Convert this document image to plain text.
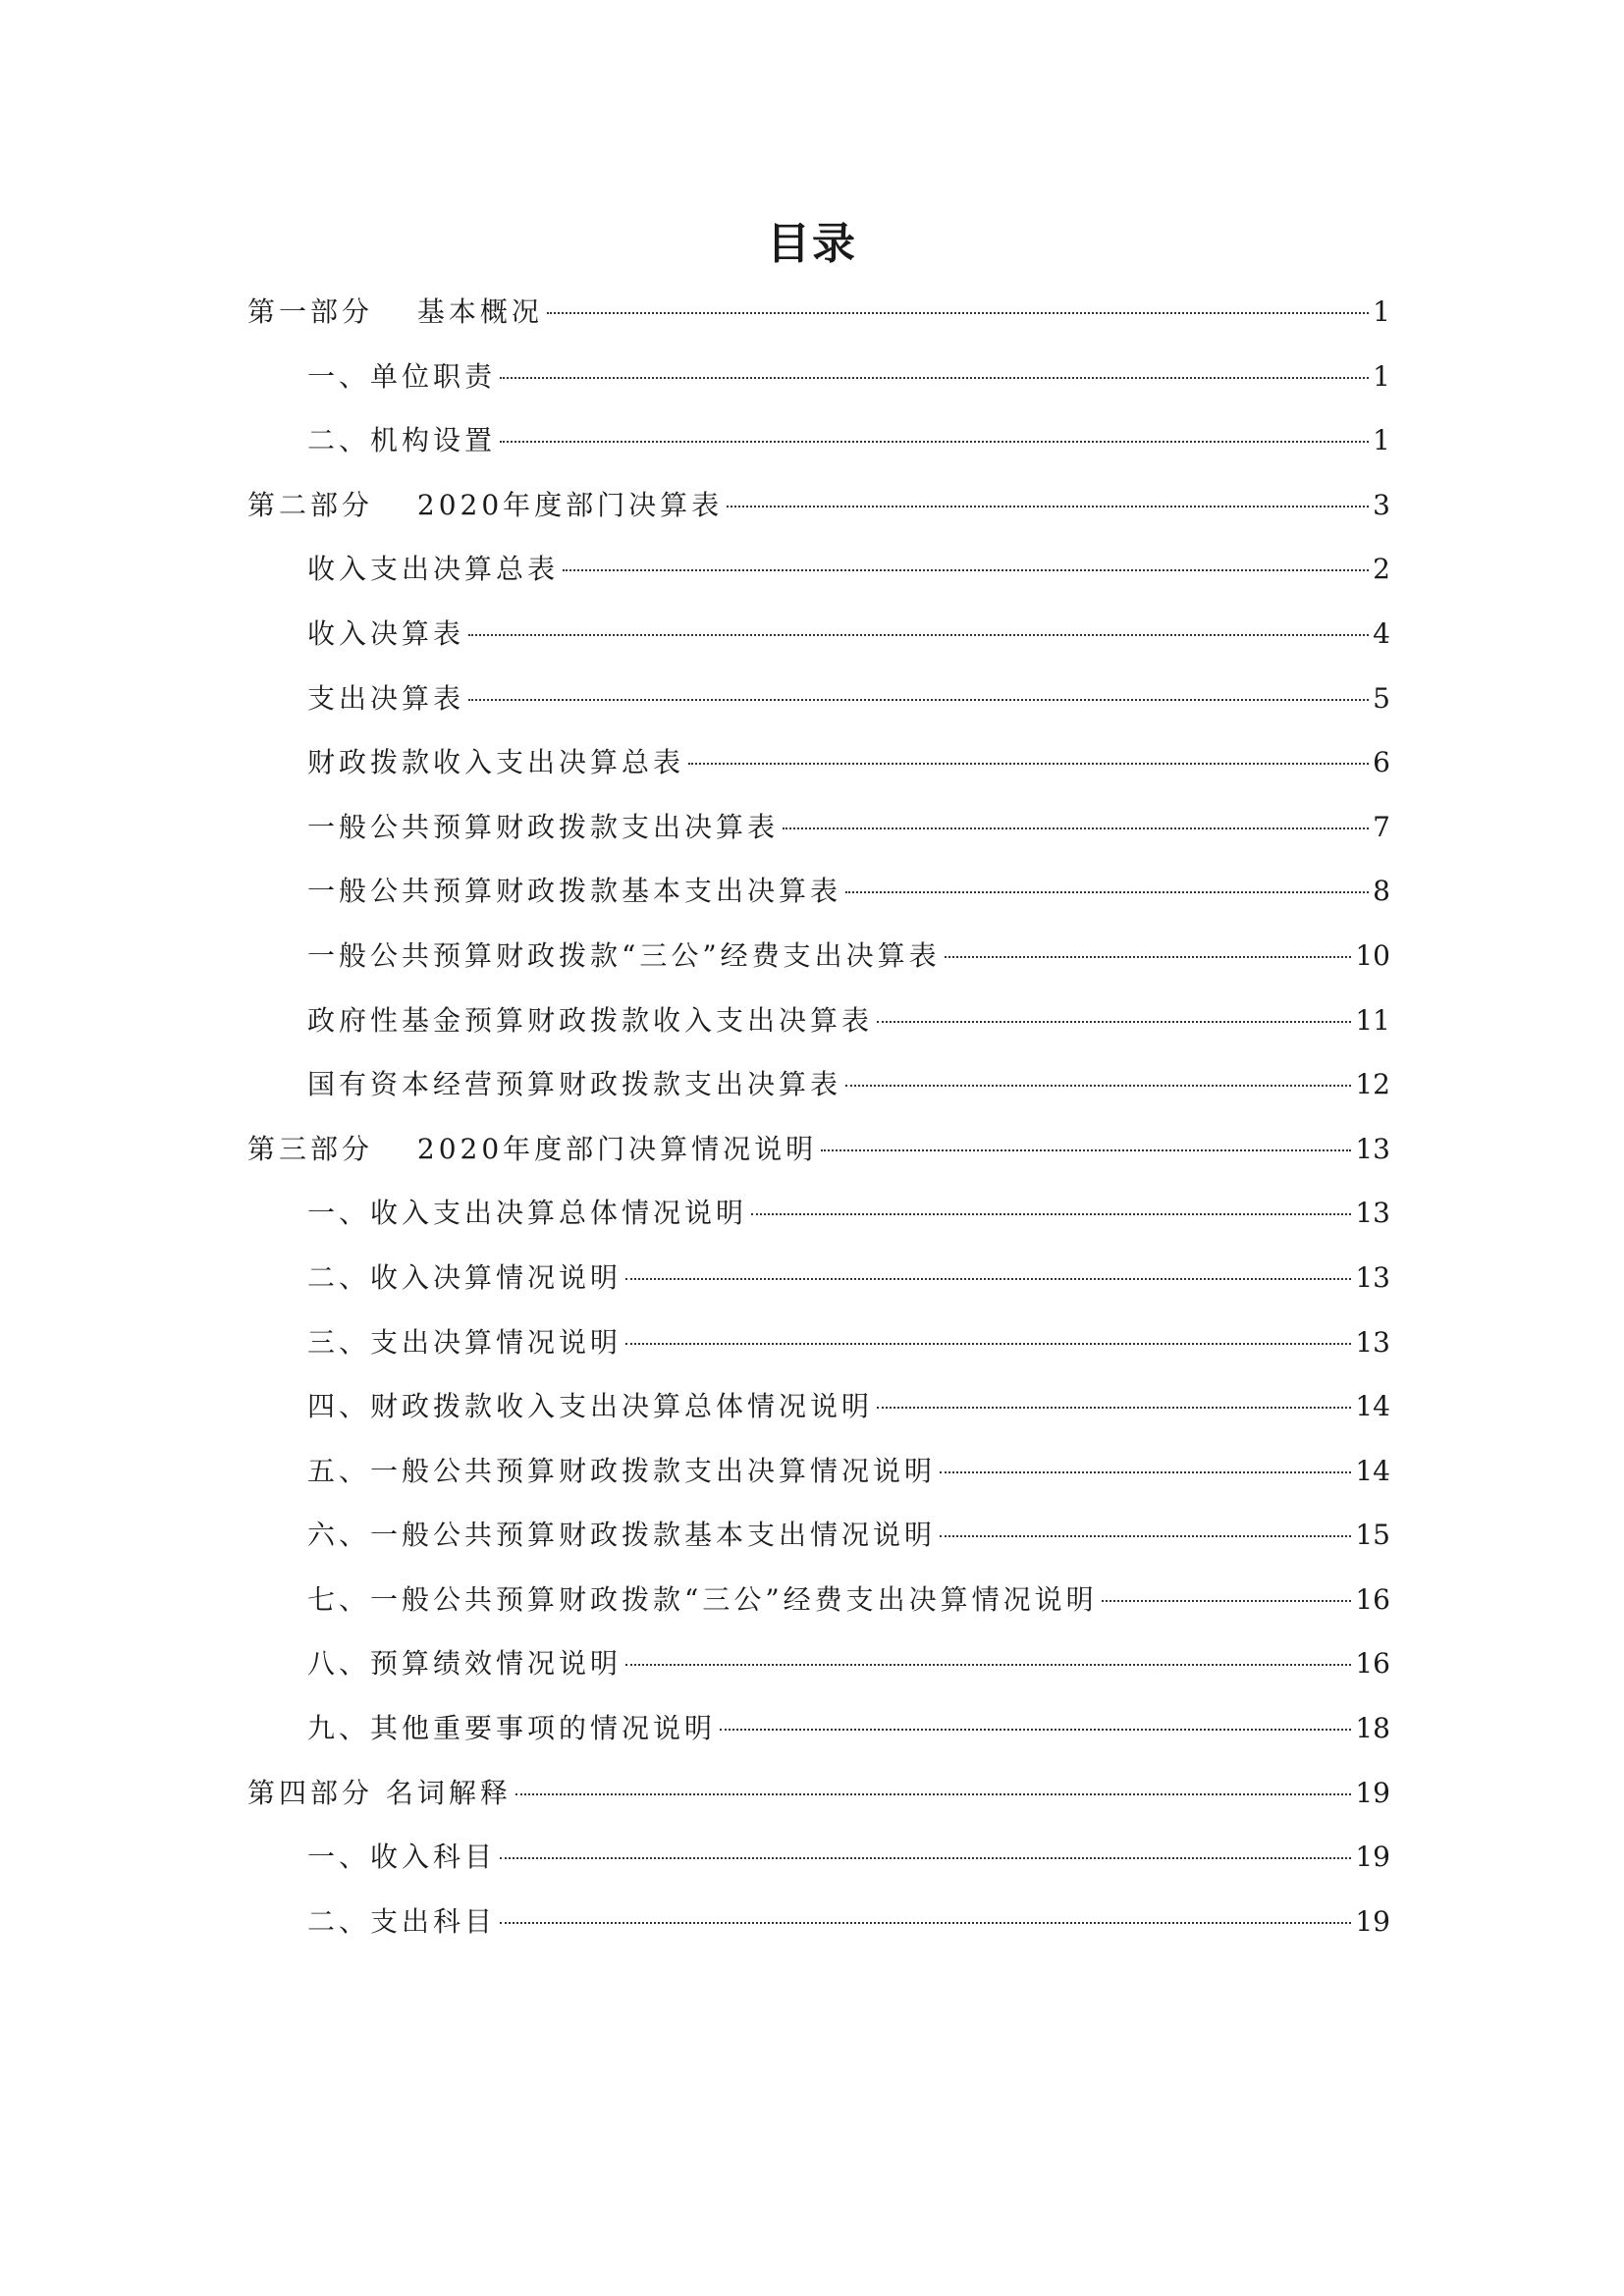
目录
第一部分　 基本概况	1
一、单位职责	1
二、机构设置	1
第二部分　 2020年度部门决算表	3
收入支出决算总表	2
收入决算表	4
支出决算表	5
财政拨款收入支出决算总表	6
一般公共预算财政拨款支出决算表	7
一般公共预算财政拨款基本支出决算表	8
一般公共预算财政拨款“三公”经费支出决算表	10
政府性基金预算财政拨款收入支出决算表	11
国有资本经营预算财政拨款支出决算表	12
第三部分　 2020年度部门决算情况说明	13
一、收入支出决算总体情况说明	13
二、收入决算情况说明	13
三、支出决算情况说明	13
四、财政拨款收入支出决算总体情况说明	14
五、一般公共预算财政拨款支出决算情况说明	14
六、一般公共预算财政拨款基本支出情况说明	15
七、一般公共预算财政拨款“三公”经费支出决算情况说明	16
八、预算绩效情况说明	16
九、其他重要事项的情况说明	18
第四部分 名词解释	19
一、收入科目	19
二、支出科目	19
